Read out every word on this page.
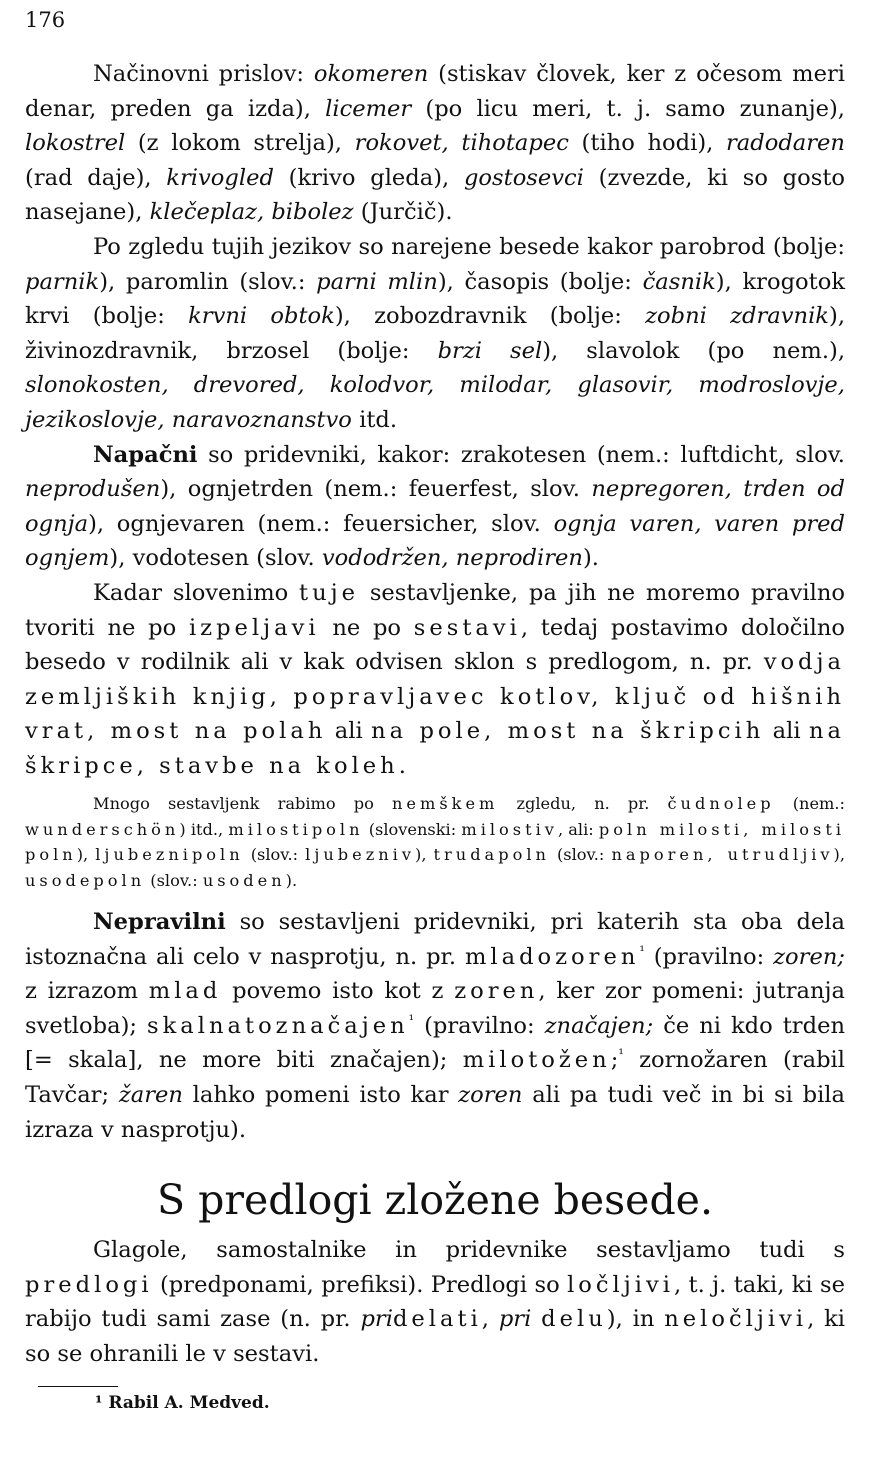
176

Načinovni prislov: okomeren (stiskav človek, ker z očesom meri denar, preden ga izda), licemer (po licu meri, t. j. samo zunanje), lokostrel (z lokom strelja), rokovet, tihotapec (tiho hodi), radodaren (rad daje), krivogled (krivo gleda), gostosevci (zvezde, ki so gosto nasejane), klečeplaz, bibolez (Jurčič).

Po zgledu tujih jezikov so narejene besede kakor parobrod (bolje: parnik), paromlin (slov.: parni mlin), časopis (bolje: časnik), krogotok krvi (bolje: krvni obtok), zobozdravnik (bolje: zobni zdravnik), živinozdravnik, brzosel (bolje: brzi sel), slavolok (po nem.), slonokosten, drevored, kolodvor, milodar, glasovir, modroslovje, jezikoslovje, naravoznanstvo itd.

Napačni so pridevniki, kakor: zrakotesen (nem.: luftdicht, slov. neprodušen), ognjetrden (nem.: feuerfest, slov. nepregoren, trden od ognja), ognjevaren (nem.: feuersicher, slov. ognja varen, varen pred ognjem), vodotesen (slov. vododržen, neprodiren).

Kadar slovenimo tuje sestavljenke, pa jih ne moremo pravilno tvoriti ne po izpeljavi ne po sestavi, tedaj postavimo določilno besedo v rodilnik ali v kak odvisen sklon s predlogom, n. pr. vodja zemljiških knjig, popravljavec kotlov, ključ od hišnih vrat, most na polah ali na pole, most na škripcih ali na škripce, stavbe na koleh.

Mnogo sestavljenk rabimo po nemškem zgledu, n. pr. čudnolep (nem.: wunderschön) itd., milostipoln (slovenski: milostiv, ali: poln milosti, milosti poln), ljubeznipoln (slov.: ljubezniv), trudapoln (slov.: naporen, utrudljiv), usodepoln (slov.: usoden).

Nepravilni so sestavljeni pridevniki, pri katerih sta oba dela istoznačna ali celo v nasprotju, n. pr. mladozoren$^{^1}$ (pravilno: zoren; z izrazom mlad povemo isto kot z zoren, ker zor pomeni: jutranja svetloba); skalnatoznačajen$^{^1}$ (pravilno: značajen; če ni kdo trden [= skala], ne more biti značajen); milotožen;$^{^1}$ zornožaren (rabil Tavčar; žaren lahko pomeni isto kar zoren ali pa tudi več in bi si bila izraza v nasprotju).

S predlogi zložene besede.

Glagole, samostalnike in pridevnike sestavljamo tudi s predlogi (predponami, prefiksi). Predlogi so ločljivi, t. j. taki, ki se rabijo tudi sami zase (n. pr. pridelati, pri delu), in neločljivi, ki so se ohranili le v sestavi.

¹ Rabil A. Medved.
